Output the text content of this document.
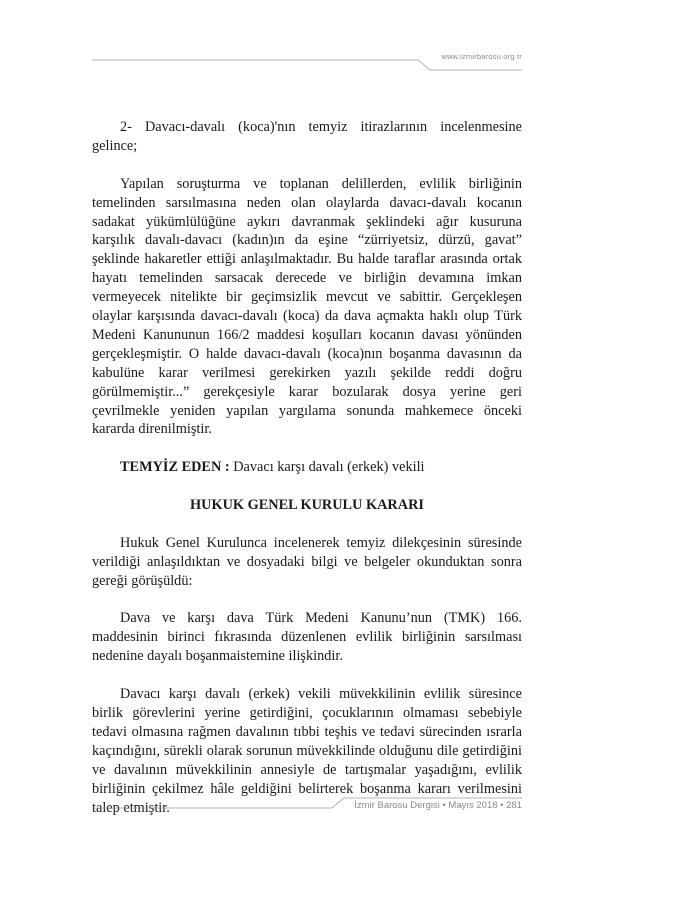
www.izmirbarosu.org.tr

2- Davacı-davalı (koca)'nın temyiz itirazlarının incelenmesine gelince;

Yapılan soruşturma ve toplanan delillerden, evlilik birliğinin temelinden sarsılmasına neden olan olaylarda davacı-davalı kocanın sadakat yükümlülüğüne aykırı davranmak şeklindeki ağır kusuruna karşılık davalı-davacı (kadın)ın da eşine “zürriyetsiz, dürzü, gavat” şeklinde hakaretler ettiği anlaşılmaktadır. Bu halde taraflar arasında ortak hayatı temelinden sarsacak derecede ve birliğin devamına imkan vermeyecek nitelikte bir geçimsizlik mevcut ve sabittir. Gerçekleşen olaylar karşısında davacı-davalı (koca) da dava açmakta haklı olup Türk Medeni Kanununun 166/2 maddesi koşulları kocanın davası yönünden gerçekleşmiştir. O halde davacı-davalı (koca)nın boşanma davasının da kabulüne karar verilmesi gerekirken yazılı şekilde reddi doğru görülmemiştir...” gerekçesiyle karar bozularak dosya yerine geri çevrilmekle yeniden yapılan yargılama sonunda mahkemece önceki kararda direnilmiştir.

TEMYİZ EDEN : Davacı karşı davalı (erkek) vekili

HUKUK GENEL KURULU KARARI

Hukuk Genel Kurulunca incelenerek temyiz dilekçesinin süresinde verildiği anlaşıldıktan ve dosyadaki bilgi ve belgeler okunduktan sonra gereği görüşüldü:

Dava ve karşı dava Türk Medeni Kanunu’nun (TMK) 166. maddesinin birinci fıkrasında düzenlenen evlilik birliğinin sarsılması nedenine dayalı boşanmaistemine ilişkindir.

Davacı karşı davalı (erkek) vekili müvekkilinin evlilik süresince birlik görevlerini yerine getirdiğini, çocuklarının olmaması sebebiyle tedavi olmasına rağmen davalının tıbbi teşhis ve tedavi sürecinden ısrarla kaçındığını, sürekli olarak sorunun müvekkilinde olduğunu dile getirdiğini ve davalının müvekkilinin annesiyle de tartışmalar yaşadığını, evlilik birliğinin çekilmez hâle geldiğini belirterek boşanma kararı verilmesini talep etmiştir.	İzmir Barosu Dergisi • Mayıs 2018 • 281
